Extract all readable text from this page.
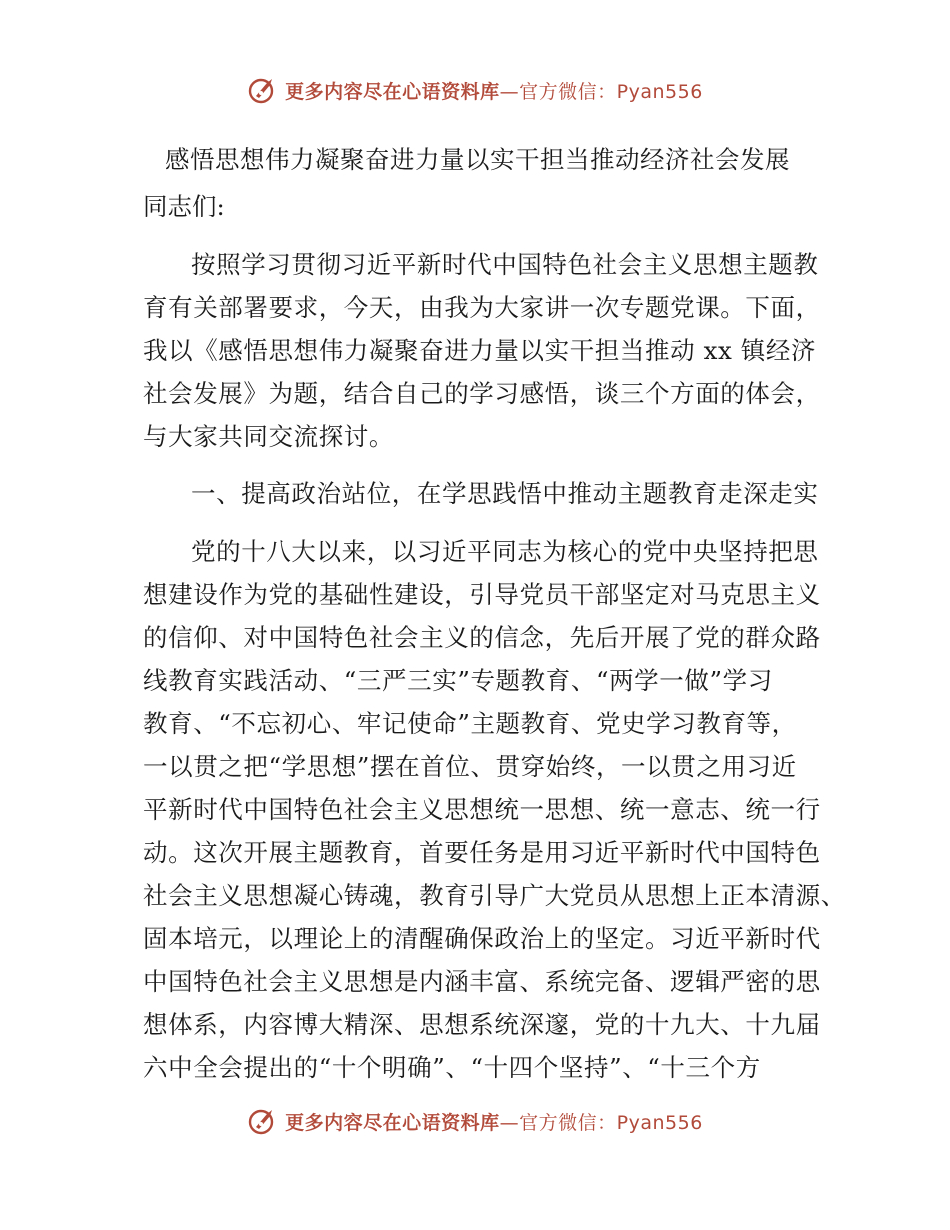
更多内容尽在心语资料库—官方微信：Pyan556
感悟思想伟力凝聚奋进力量以实干担当推动经济社会发展
同志们:
按照学习贯彻习近平新时代中国特色社会主义思想主题教
育有关部署要求，今天，由我为大家讲一次专题党课。下面，
我以《感悟思想伟力凝聚奋进力量以实干担当推动 xx 镇经济
社会发展》为题，结合自己的学习感悟，谈三个方面的体会，
与大家共同交流探讨。
一、提高政治站位，在学思践悟中推动主题教育走深走实
党的十八大以来，以习近平同志为核心的党中央坚持把思
想建设作为党的基础性建设，引导党员干部坚定对马克思主义
的信仰、对中国特色社会主义的信念，先后开展了党的群众路
线教育实践活动、“三严三实”专题教育、“两学一做”学习
教育、“不忘初心、牢记使命”主题教育、党史学习教育等，
一以贯之把“学思想”摆在首位、贯穿始终，一以贯之用习近
平新时代中国特色社会主义思想统一思想、统一意志、统一行
动。这次开展主题教育，首要任务是用习近平新时代中国特色
社会主义思想凝心铸魂，教育引导广大党员从思想上正本清源、
固本培元，以理论上的清醒确保政治上的坚定。习近平新时代
中国特色社会主义思想是内涵丰富、系统完备、逻辑严密的思
想体系，内容博大精深、思想系统深邃，党的十九大、十九届
六中全会提出的“十个明确”、“十四个坚持”、“十三个方
更多内容尽在心语资料库—官方微信：Pyan556
